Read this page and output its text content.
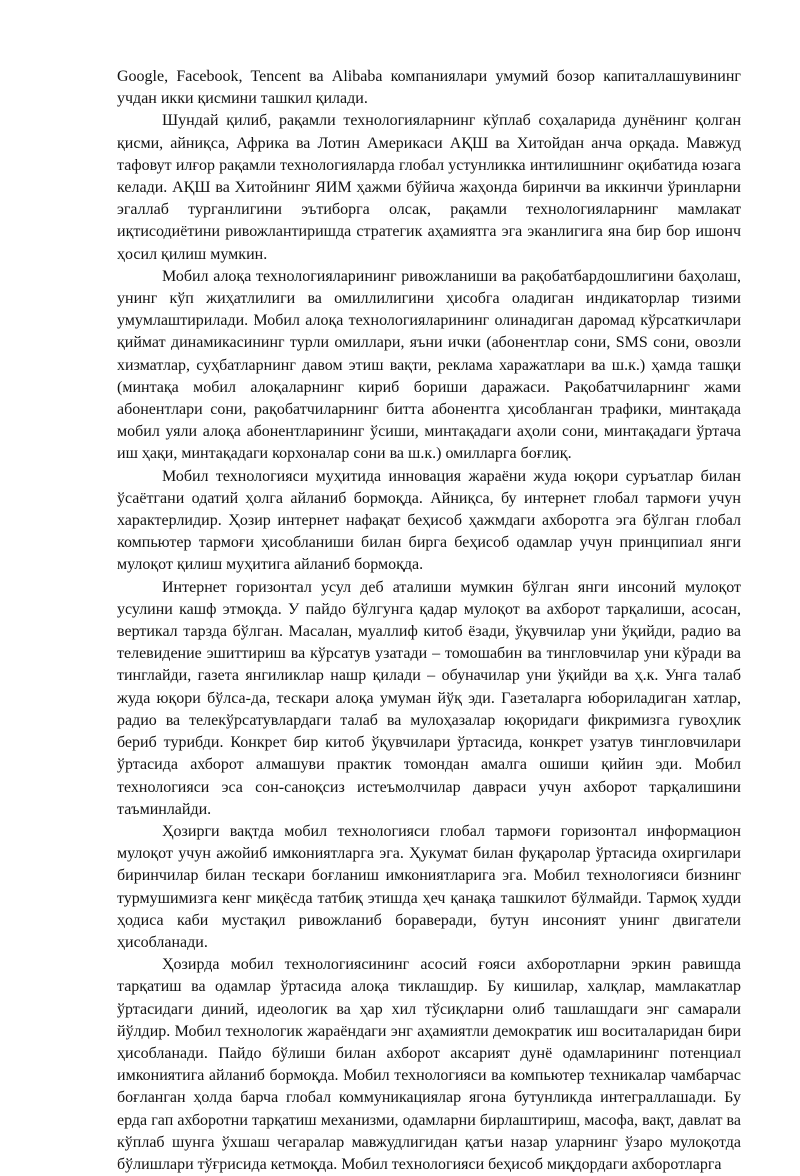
Google, Facebook, Tencent ва Alibaba компаниялари умумий бозор капиталлашувининг учдан икки қисмини ташкил қилади.

Шундай қилиб, рақамли технологияларнинг кўплаб соҳаларида дунёнинг қолган қисми, айниқса, Африка ва Лотин Америкаси АҚШ ва Хитойдан анча орқада. Мавжуд тафовут илғор рақамли технологияларда глобал устунликка интилишнинг оқибатида юзага келади. АҚШ ва Хитойнинг ЯИМ ҳажми бўйича жаҳонда биринчи ва иккинчи ўринларни эгаллаб турганлигини эътиборга олсак, рақамли технологияларнинг мамлакат иқтисодиётини ривожлантиришда стратегик аҳамиятга эга эканлигига яна бир бор ишонч ҳосил қилиш мумкин.

Мобил алоқа технологияларининг ривожланиши ва рақобатбардошлигини баҳолаш, унинг кўп жиҳатлилиги ва омиллилигини ҳисобга оладиган индикаторлар тизими умумлаштирилади. Мобил алоқа технологияларининг олинадиган даромад кўрсаткичлари қиймат динамикасининг турли омиллари, яъни ички (абонентлар сони, SMS сони, овозли хизматлар, суҳбатларнинг давом этиш вақти, реклама харажатлари ва ш.к.) ҳамда ташқи (минтақа мобил алоқаларнинг кириб бориши даражаси. Рақобатчиларнинг жами абонентлари сони, рақобатчиларнинг битта абонентга ҳисобланган трафики, минтақада мобил уяли алоқа абонентларининг ўсиши, минтақадаги аҳоли сони, минтақадаги ўртача иш ҳақи, минтақадаги корхоналар сони ва ш.к.) омилларга боғлиқ.

Мобил технологияси муҳитида инновация жараёни жуда юқори суръатлар билан ўсаётгани одатий ҳолга айланиб бормоқда. Айниқса, бу интернет глобал тармоғи учун характерлидир. Ҳозир интернет нафақат беҳисоб ҳажмдаги ахборотга эга бўлган глобал компьютер тармоғи ҳисобланиши билан бирга беҳисоб одамлар учун принципиал янги мулоқот қилиш муҳитига айланиб бормоқда.

Интернет горизонтал усул деб аталиши мумкин бўлган янги инсоний мулоқот усулини кашф этмоқда. У пайдо бўлгунга қадар мулоқот ва ахборот тарқалиши, асосан, вертикал тарзда бўлган. Масалан, муаллиф китоб ёзади, ўқувчилар уни ўқийди, радио ва телевидение эшиттириш ва кўрсатув узатади – томошабин ва тингловчилар уни кўради ва тинглайди, газета янгиликлар нашр қилади – обуначилар уни ўқийди ва ҳ.к. Унга талаб жуда юқори бўлса-да, тескари алоқа умуман йўқ эди. Газеталарга юбориладиган хатлар, радио ва телекўрсатувлардаги талаб ва мулоҳазалар юқоридаги фикримизга гувоҳлик бериб турибди. Конкрет бир китоб ўқувчилари ўртасида, конкрет узатув тингловчилари ўртасида ахборот алмашуви практик томондан амалга ошиши қийин эди. Мобил технологияси эса сон-саноқсиз истеъмолчилар давраси учун ахборот тарқалишини таъминлайди.

Ҳозирги вақтда мобил технологияси глобал тармоғи горизонтал информацион мулоқот учун ажойиб имкониятларга эга. Ҳукумат билан фуқаролар ўртасида охиргилари биринчилар билан тескари боғланиш имкониятларига эга. Мобил технологияси бизнинг турмушимизга кенг миқёсда татбиқ этишда ҳеч қанақа ташкилот бўлмайди. Тармоқ худди ҳодиса каби мустақил ривожланиб бораверади, бутун инсоният унинг двигатели ҳисобланади.

Ҳозирда мобил технологиясининг асосий ғояси ахборотларни эркин равишда тарқатиш ва одамлар ўртасида алоқа тиклашдир. Бу кишилар, халқлар, мамлакатлар ўртасидаги диний, идеологик ва ҳар хил тўсиқларни олиб ташлашдаги энг самарали йўлдир. Мобил технологик жараёндаги энг аҳамиятли демократик иш воситаларидан бири ҳисобланади. Пайдо бўлиши билан ахборот аксарият дунё одамларининг потенциал имкониятига айланиб бормоқда. Мобил технологияси ва компьютер техникалар чамбарчас боғланган ҳолда барча глобал коммуникациялар ягона бутунликда интеграллашади. Бу ерда гап ахборотни тарқатиш механизми, одамларни бирлаштириш, масофа, вақт, давлат ва кўплаб шунга ўхшаш чегаралар мавжудлигидан қатъи назар уларнинг ўзаро мулоқотда бўлишлари тўғрисида кетмоқда. Мобил технологияси беҳисоб миқдордаги ахборотларга
